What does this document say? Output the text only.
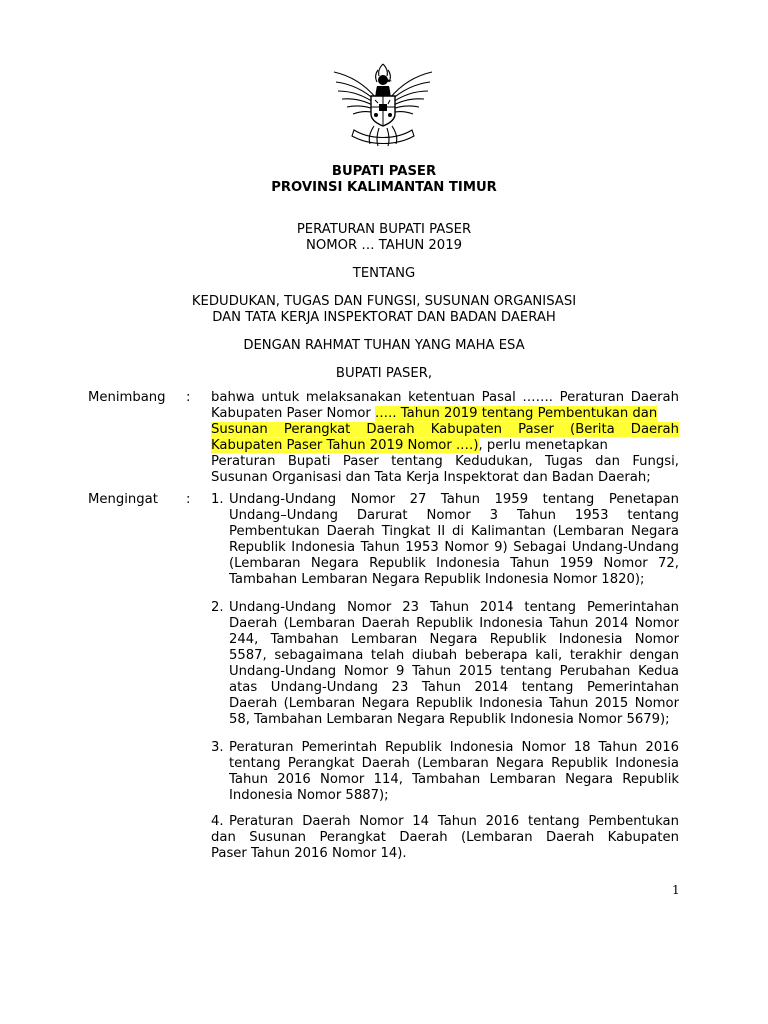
BUPATI PASER
PROVINSI KALIMANTAN TIMUR
PERATURAN BUPATI PASER
NOMOR … TAHUN 2019
TENTANG
KEDUDUKAN, TUGAS DAN FUNGSI, SUSUNAN ORGANISASI
DAN TATA KERJA INSPEKTORAT DAN BADAN DAERAH
DENGAN RAHMAT TUHAN YANG MAHA ESA
BUPATI PASER,
Menimbang : bahwa untuk melaksanakan ketentuan Pasal ……. Peraturan Daerah
Kabupaten Paser Nomor .…. Tahun 2019 tentang Pembentukan dan
Susunan Perangkat Daerah Kabupaten Paser (Berita Daerah
Kabupaten Paser Tahun 2019 Nomor .…), perlu menetapkan
Peraturan Bupati Paser tentang Kedudukan, Tugas dan Fungsi,
Susunan Organisasi dan Tata Kerja Inspektorat dan Badan Daerah;
Mengingat : 1. Undang-Undang Nomor 27 Tahun 1959 tentang Penetapan
Undang–Undang Darurat Nomor 3 Tahun 1953 tentang
Pembentukan Daerah Tingkat II di Kalimantan (Lembaran Negara
Republik Indonesia Tahun 1953 Nomor 9) Sebagai Undang-Undang
(Lembaran Negara Republik Indonesia Tahun 1959 Nomor 72,
Tambahan Lembaran Negara Republik Indonesia Nomor 1820);
2. Undang-Undang Nomor 23 Tahun 2014 tentang Pemerintahan
Daerah (Lembaran Daerah Republik Indonesia Tahun 2014 Nomor
244, Tambahan Lembaran Negara Republik Indonesia Nomor
5587, sebagaimana telah diubah beberapa kali, terakhir dengan
Undang-Undang Nomor 9 Tahun 2015 tentang Perubahan Kedua
atas Undang-Undang 23 Tahun 2014 tentang Pemerintahan
Daerah (Lembaran Negara Republik Indonesia Tahun 2015 Nomor
58, Tambahan Lembaran Negara Republik Indonesia Nomor 5679);
3. Peraturan Pemerintah Republik Indonesia Nomor 18 Tahun 2016
tentang Perangkat Daerah (Lembaran Negara Republik Indonesia
Tahun 2016 Nomor 114, Tambahan Lembaran Negara Republik
Indonesia Nomor 5887);
4. Peraturan Daerah Nomor 14 Tahun 2016 tentang Pembentukan
dan Susunan Perangkat Daerah (Lembaran Daerah Kabupaten
Paser Tahun 2016 Nomor 14).
1
